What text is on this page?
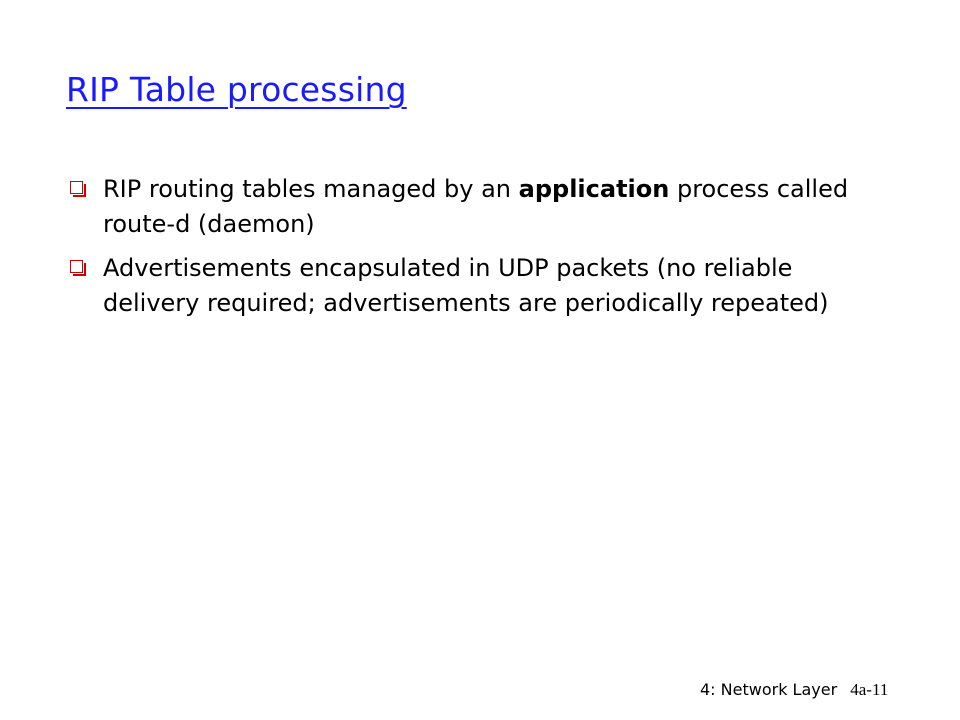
RIP Table processing
RIP routing tables managed by an application process called route-d (daemon)
Advertisements encapsulated in UDP packets (no reliable delivery required; advertisements are periodically repeated)
4: Network Layer 4a-11
